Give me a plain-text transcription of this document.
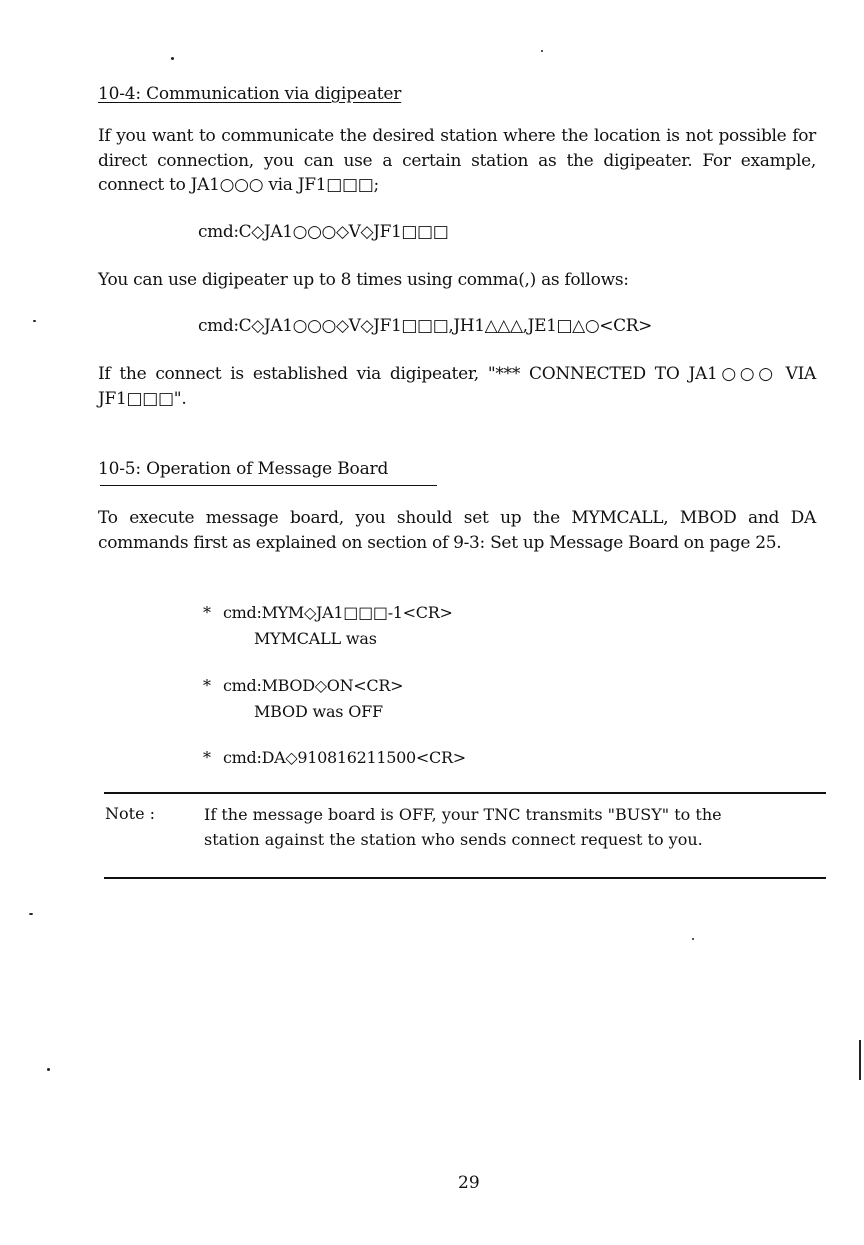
10-4: Communication via digipeater

If you want to communicate the desired station where the location is not possible for direct connection, you can use a certain station as the digipeater. For example, connect to JA1○○○ via JF1□□□;

cmd:C◇JA1○○○◇V◇JF1□□□

You can use digipeater up to 8 times using comma(,) as follows:

cmd:C◇JA1○○○◇V◇JF1□□□,JH1△△△,JE1□△○<CR>

If the connect is established via digipeater, "*** CONNECTED TO JA1○○○ VIA JF1□□□".

10-5: Operation of Message Board

To execute message board, you should set up the MYMCALL, MBOD and DA commands first as explained on section of 9-3: Set up Message Board on page 25.

* cmd:MYM◇JA1□□□-1<CR>
MYMCALL was
* cmd:MBOD◇ON<CR>
MBOD was OFF
* cmd:DA◇910816211500<CR>
Note :	If the message board is OFF, your TNC transmits "BUSY" to the station against the station who sends connect request to you.

29
